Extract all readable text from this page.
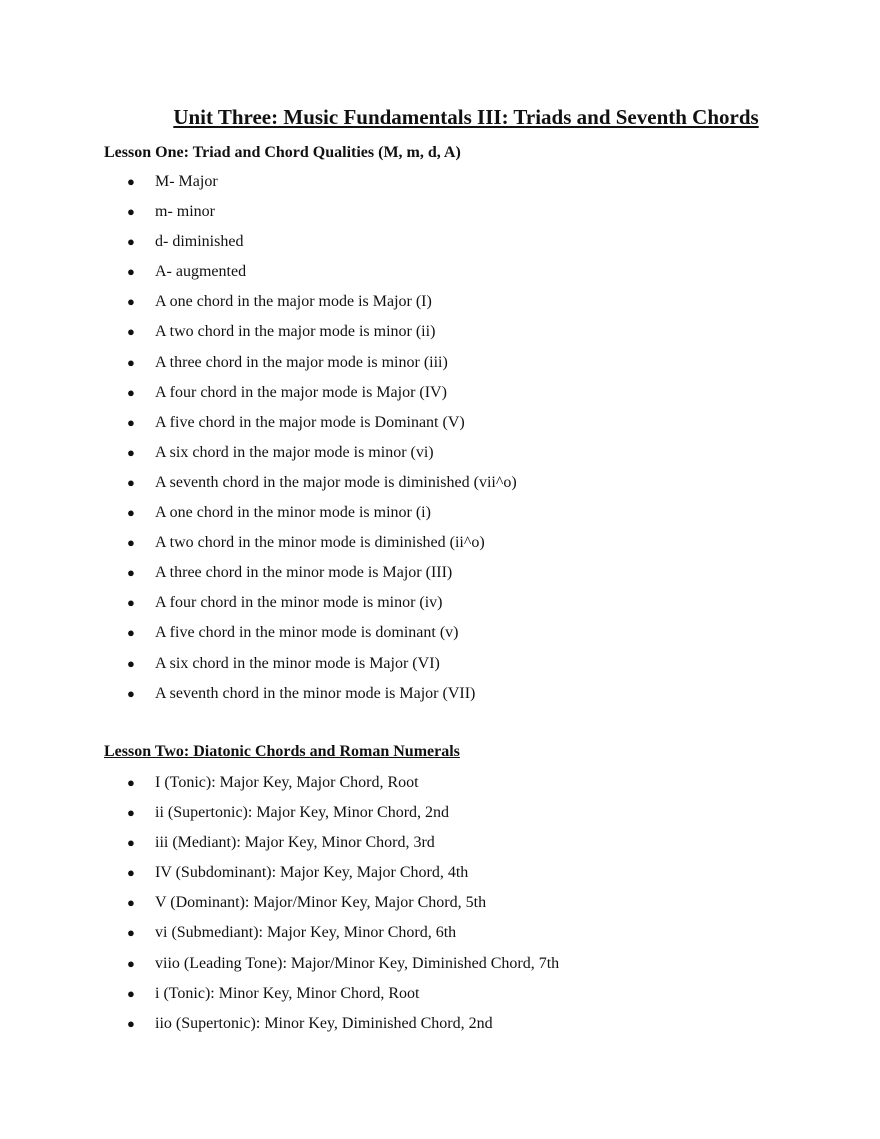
Unit Three: Music Fundamentals III: Triads and Seventh Chords
Lesson One: Triad and Chord Qualities (M, m, d, A)
● M- Major
● m- minor
● d- diminished
● A- augmented
● A one chord in the major mode is Major (I)
● A two chord in the major mode is minor (ii)
● A three chord in the major mode is minor (iii)
● A four chord in the major mode is Major (IV)
● A five chord in the major mode is Dominant (V)
● A six chord in the major mode is minor (vi)
● A seventh chord in the major mode is diminished (vii^o)
● A one chord in the minor mode is minor (i)
● A two chord in the minor mode is diminished (ii^o)
● A three chord in the minor mode is Major (III)
● A four chord in the minor mode is minor (iv)
● A five chord in the minor mode is dominant (v)
● A six chord in the minor mode is Major (VI)
● A seventh chord in the minor mode is Major (VII)
Lesson Two: Diatonic Chords and Roman Numerals
● I (Tonic): Major Key, Major Chord, Root
● ii (Supertonic): Major Key, Minor Chord, 2nd
● iii (Mediant): Major Key, Minor Chord, 3rd
● IV (Subdominant): Major Key, Major Chord, 4th
● V (Dominant): Major/Minor Key, Major Chord, 5th
● vi (Submediant): Major Key, Minor Chord, 6th
● viio (Leading Tone): Major/Minor Key, Diminished Chord, 7th
● i (Tonic): Minor Key, Minor Chord, Root
● iio (Supertonic): Minor Key, Diminished Chord, 2nd
